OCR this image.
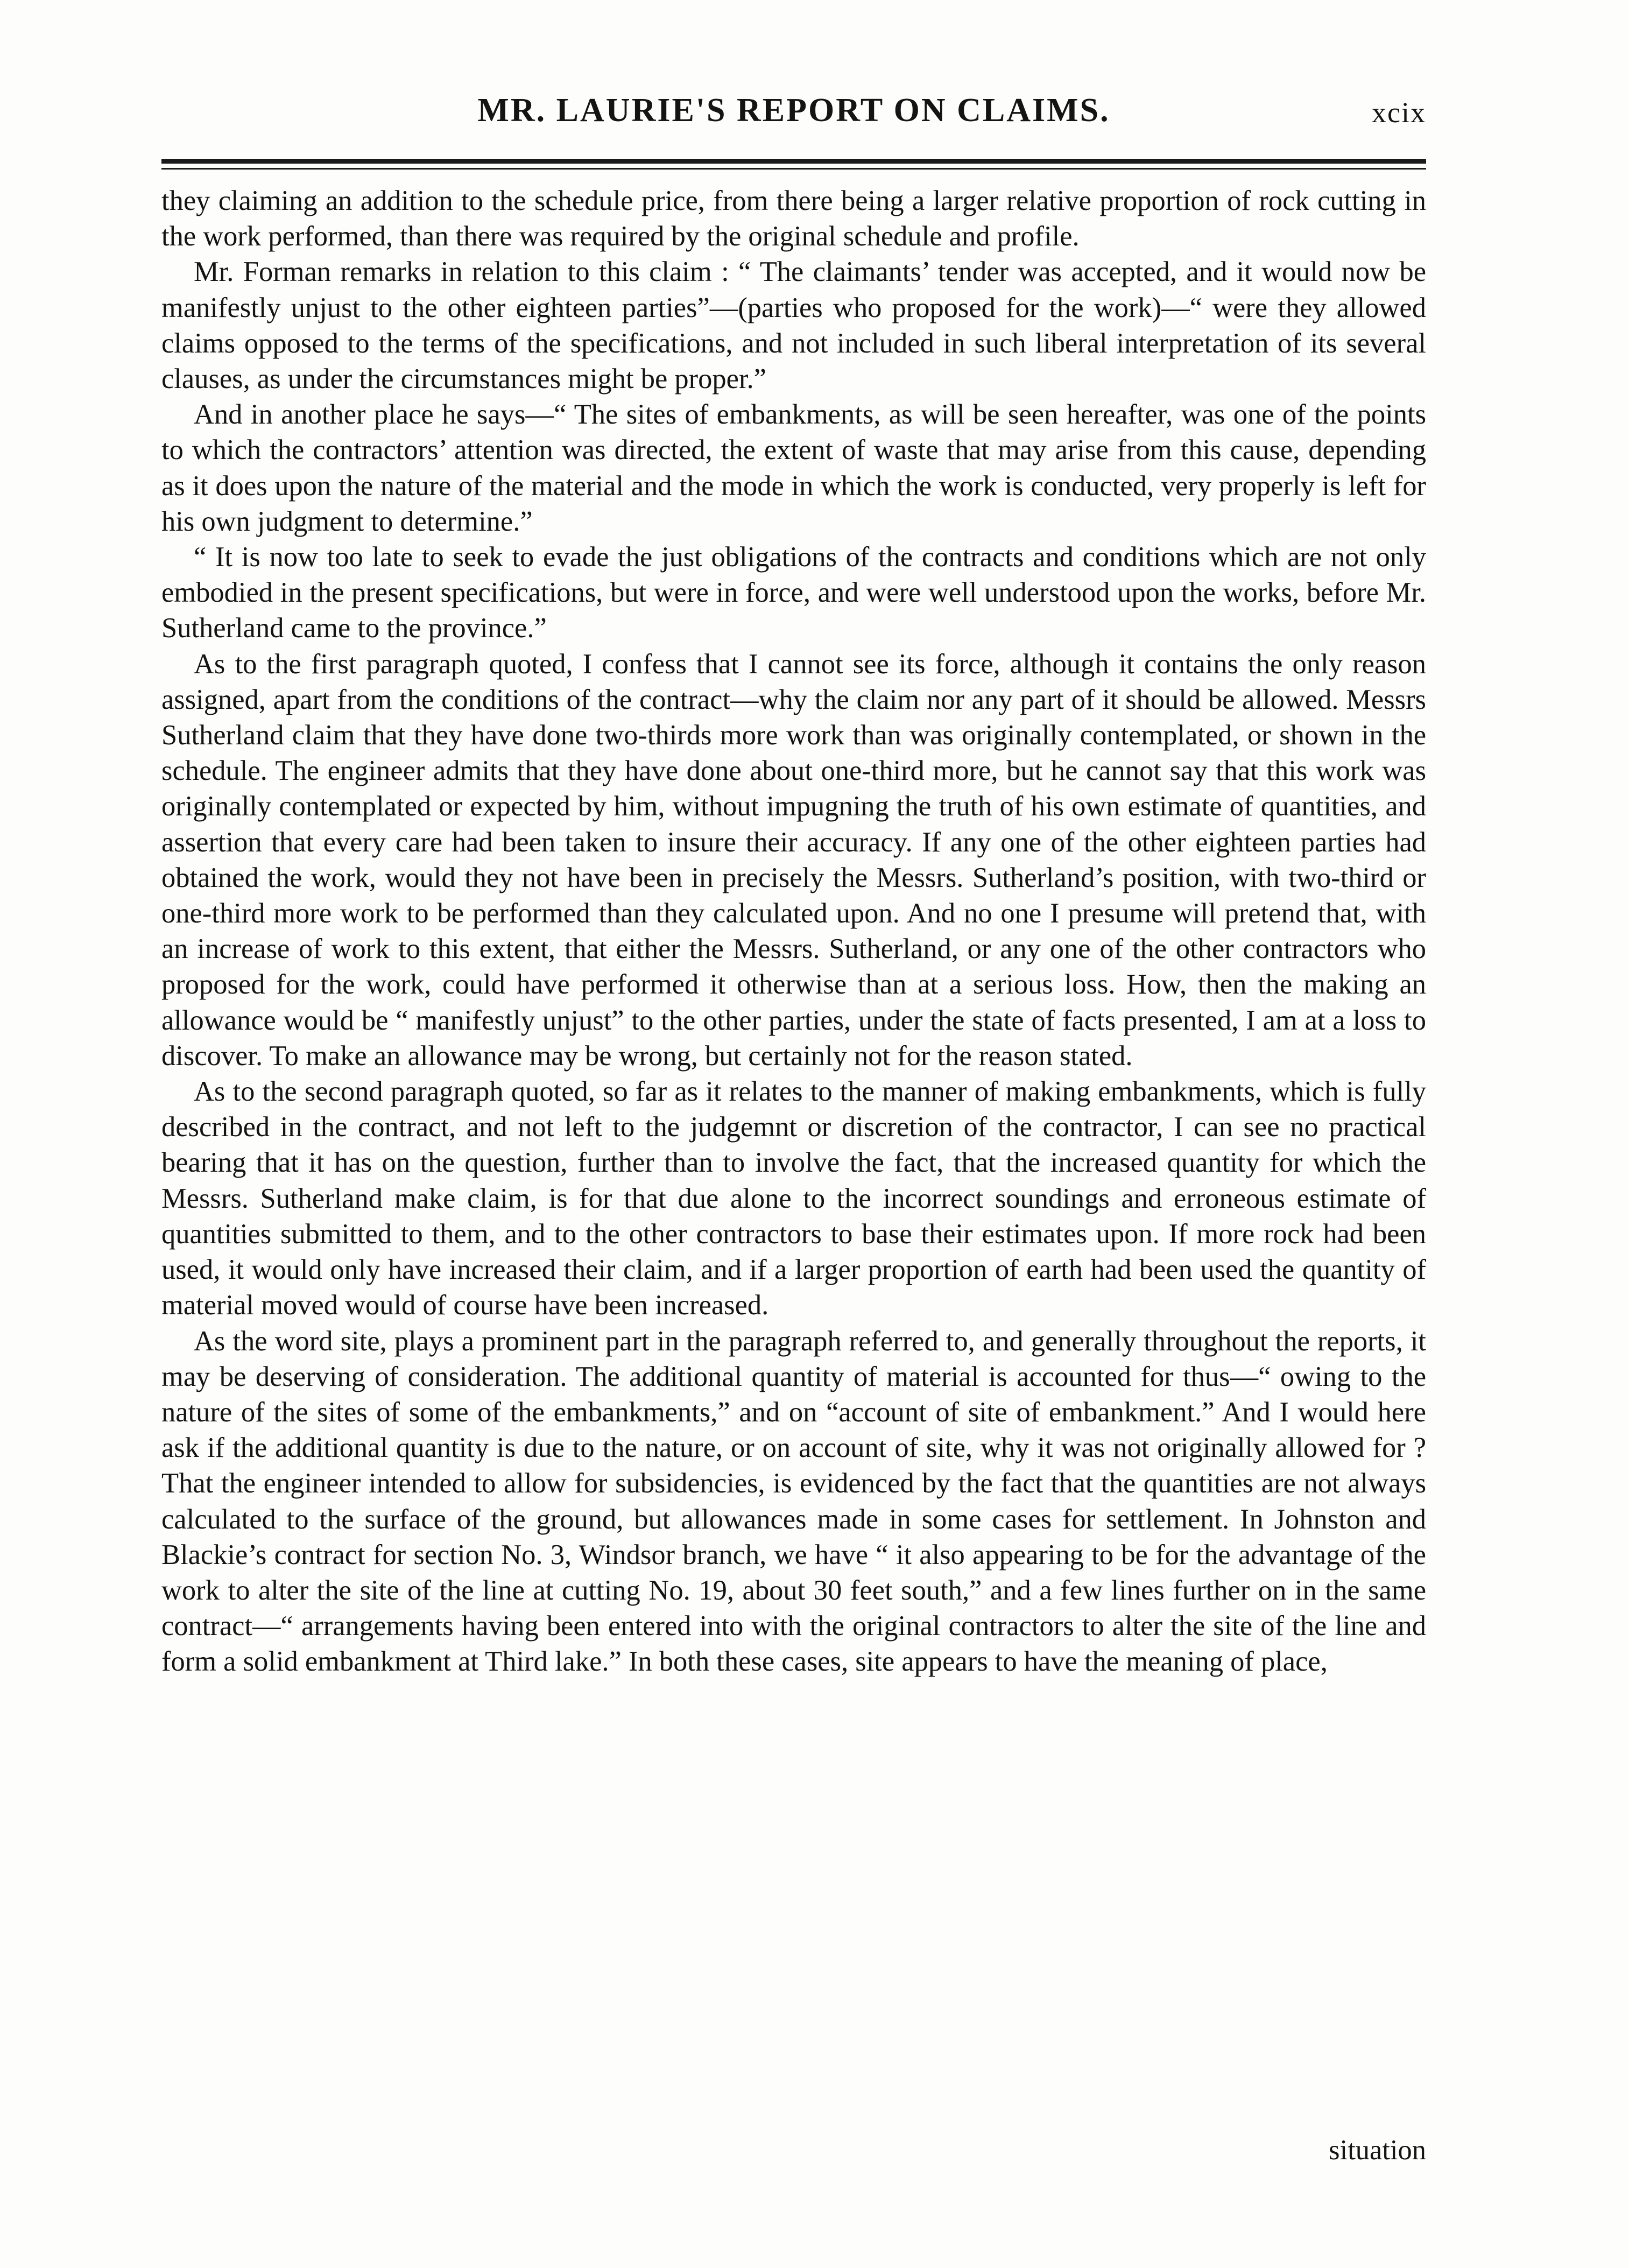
MR. LAURIE'S REPORT ON CLAIMS.	xcix

they claiming an addition to the schedule price, from there being a larger relative proportion of rock cutting in the work performed, than there was required by the original schedule and profile.

Mr. Forman remarks in relation to this claim : “ The claimants’ tender was accepted, and it would now be manifestly unjust to the other eighteen parties”—(parties who proposed for the work)—“ were they allowed claims opposed to the terms of the specifications, and not included in such liberal interpretation of its several clauses, as under the circumstances might be proper.”

And in another place he says—“ The sites of embankments, as will be seen hereafter, was one of the points to which the contractors’ attention was directed, the extent of waste that may arise from this cause, depending as it does upon the nature of the material and the mode in which the work is conducted, very properly is left for his own judgment to determine.”

“ It is now too late to seek to evade the just obligations of the contracts and conditions which are not only embodied in the present specifications, but were in force, and were well understood upon the works, before Mr. Sutherland came to the province.”

As to the first paragraph quoted, I confess that I cannot see its force, although it contains the only reason assigned, apart from the conditions of the contract—why the claim nor any part of it should be allowed. Messrs Sutherland claim that they have done two-thirds more work than was originally contemplated, or shown in the schedule. The engineer admits that they have done about one-third more, but he cannot say that this work was originally contemplated or expected by him, without impugning the truth of his own estimate of quantities, and assertion that every care had been taken to insure their accuracy. If any one of the other eighteen parties had obtained the work, would they not have been in precisely the Messrs. Sutherland’s position, with two-third or one-third more work to be performed than they calculated upon. And no one I presume will pretend that, with an increase of work to this extent, that either the Messrs. Sutherland, or any one of the other contractors who proposed for the work, could have performed it otherwise than at a serious loss. How, then the making an allowance would be “ manifestly unjust” to the other parties, under the state of facts presented, I am at a loss to discover. To make an allowance may be wrong, but certainly not for the reason stated.

As to the second paragraph quoted, so far as it relates to the manner of making embankments, which is fully described in the contract, and not left to the judgemnt or discretion of the contractor, I can see no practical bearing that it has on the question, further than to involve the fact, that the increased quantity for which the Messrs. Sutherland make claim, is for that due alone to the incorrect soundings and erroneous estimate of quantities submitted to them, and to the other contractors to base their estimates upon. If more rock had been used, it would only have increased their claim, and if a larger proportion of earth had been used the quantity of material moved would of course have been increased.

As the word site, plays a prominent part in the paragraph referred to, and generally throughout the reports, it may be deserving of consideration. The additional quantity of material is accounted for thus—“ owing to the nature of the sites of some of the embankments,” and on “account of site of embankment.” And I would here ask if the additional quantity is due to the nature, or on account of site, why it was not originally allowed for ? That the engineer intended to allow for subsidencies, is evidenced by the fact that the quantities are not always calculated to the surface of the ground, but allowances made in some cases for settlement. In Johnston and Blackie’s contract for section No. 3, Windsor branch, we have “ it also appearing to be for the advantage of the work to alter the site of the line at cutting No. 19, about 30 feet south,” and a few lines further on in the same contract—“ arrangements having been entered into with the original contractors to alter the site of the line and form a solid embankment at Third lake.” In both these cases, site appears to have the meaning of place,

situation
